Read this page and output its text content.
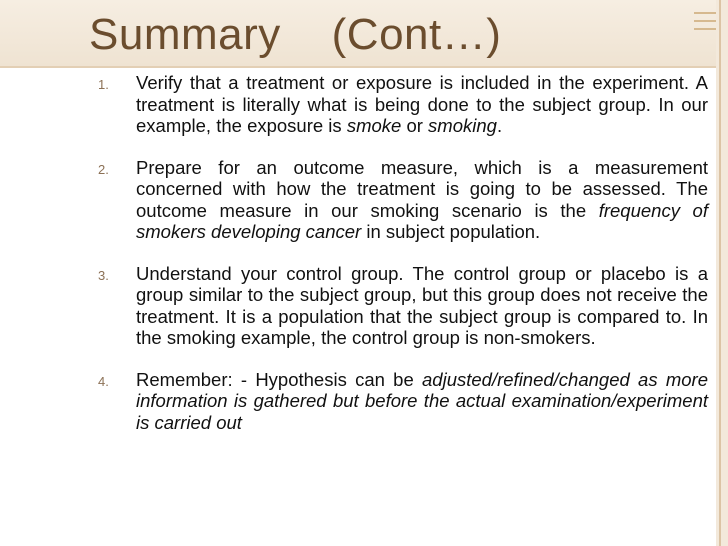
Summary    (Cont…)
1. Verify that a treatment or exposure is included in the experiment. A treatment is literally what is being done to the subject group. In our example, the exposure is smoke or smoking.
2. Prepare for an outcome measure, which is a measurement concerned with how the treatment is going to be assessed. The outcome measure in our smoking scenario is the frequency of smokers developing cancer in subject population.
3. Understand your control group. The control group or placebo is a group similar to the subject group, but this group does not receive the treatment. It is a population that the subject group is compared to. In the smoking example, the control group is non-smokers.
4. Remember: - Hypothesis can be adjusted/refined/changed as more information is gathered but before the actual examination/experiment is carried out
